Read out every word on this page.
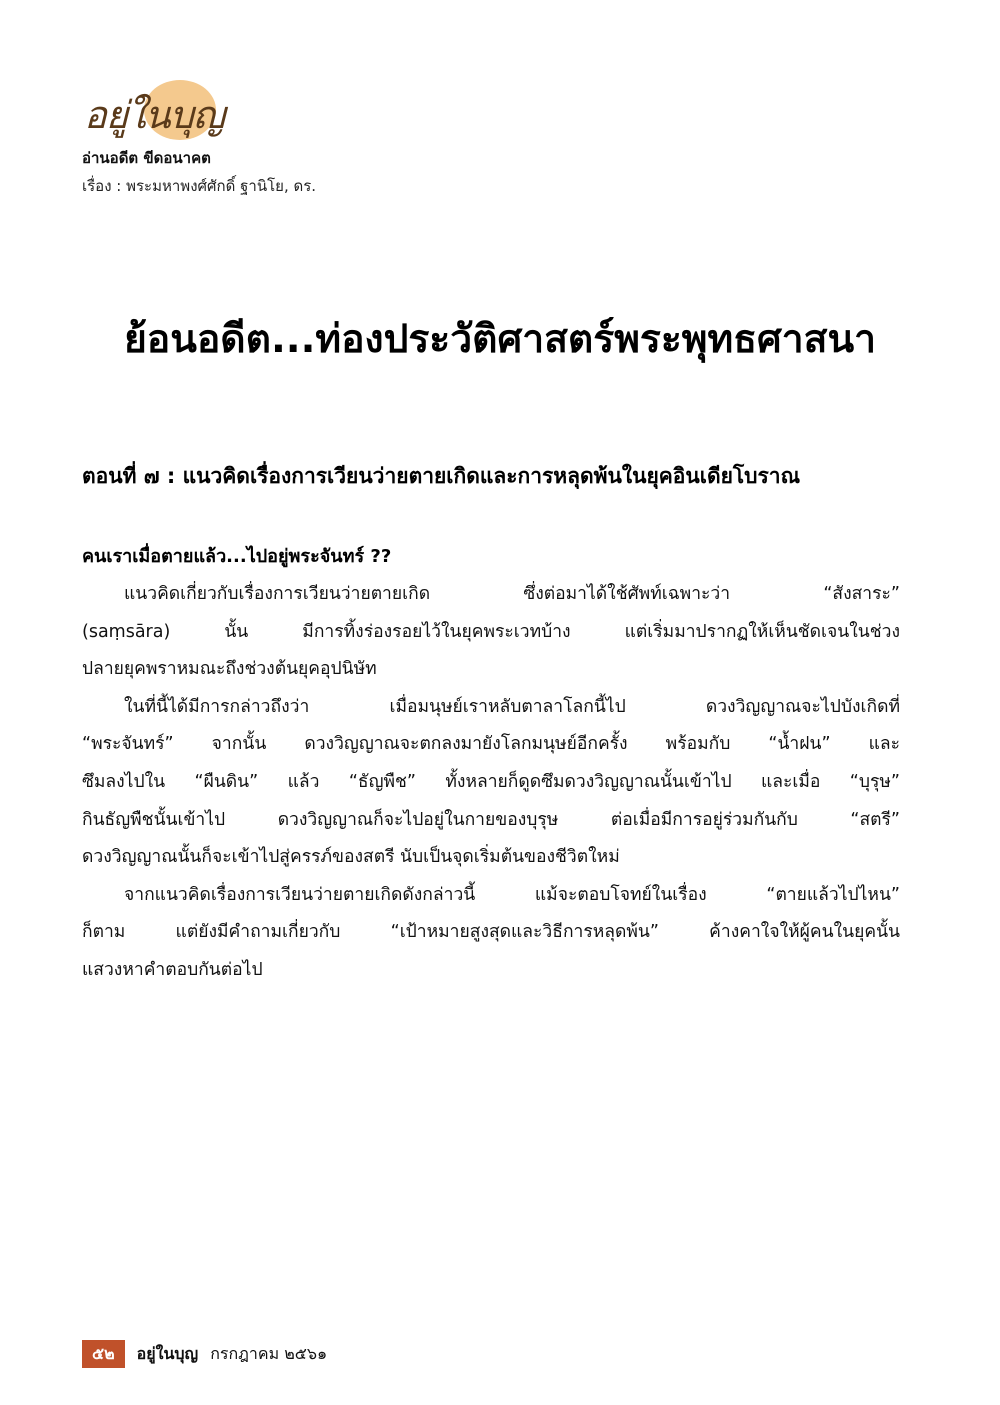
อยู่ในบุญ
อ่านอดีต ขีดอนาคต
เรื่อง : พระมหาพงศ์ศักดิ์ ฐานิโย, ดร.
ย้อนอดีต...ท่องประวัติศาสตร์พระพุทธศาสนา
ตอนที่ ๗ : แนวคิดเรื่องการเวียนว่ายตายเกิดและการหลุดพ้นในยุคอินเดียโบราณ
คนเราเมื่อตายแล้ว...ไปอยู่พระจันทร์ ??
แนวคิดเกี่ยวกับเรื่องการเวียนว่ายตายเกิด ซึ่งต่อมาได้ใช้ศัพท์เฉพาะว่า “สังสาระ”
(saṃsāra) นั้น มีการทิ้งร่องรอยไว้ในยุคพระเวทบ้าง แต่เริ่มมาปรากฏให้เห็นชัดเจนในช่วง
ปลายยุคพราหมณะถึงช่วงต้นยุคอุปนิษัท
ในที่นี้ได้มีการกล่าวถึงว่า เมื่อมนุษย์เราหลับตาลาโลกนี้ไป ดวงวิญญาณจะไปบังเกิดที่
“พระจันทร์” จากนั้น ดวงวิญญาณจะตกลงมายังโลกมนุษย์อีกครั้ง พร้อมกับ “น้ำฝน” และ
ซึมลงไปใน “ผืนดิน” แล้ว “ธัญพืช” ทั้งหลายก็ดูดซึมดวงวิญญาณนั้นเข้าไป และเมื่อ “บุรุษ”
กินธัญพืชนั้นเข้าไป ดวงวิญญาณก็จะไปอยู่ในกายของบุรุษ ต่อเมื่อมีการอยู่ร่วมกันกับ “สตรี”
ดวงวิญญาณนั้นก็จะเข้าไปสู่ครรภ์ของสตรี นับเป็นจุดเริ่มต้นของชีวิตใหม่
จากแนวคิดเรื่องการเวียนว่ายตายเกิดดังกล่าวนี้ แม้จะตอบโจทย์ในเรื่อง “ตายแล้วไปไหน”
ก็ตาม แต่ยังมีคำถามเกี่ยวกับ “เป้าหมายสูงสุดและวิธีการหลุดพ้น” ค้างคาใจให้ผู้คนในยุคนั้น
แสวงหาคำตอบกันต่อไป
๕๒	อยู่ในบุญ กรกฎาคม ๒๕๖๑
